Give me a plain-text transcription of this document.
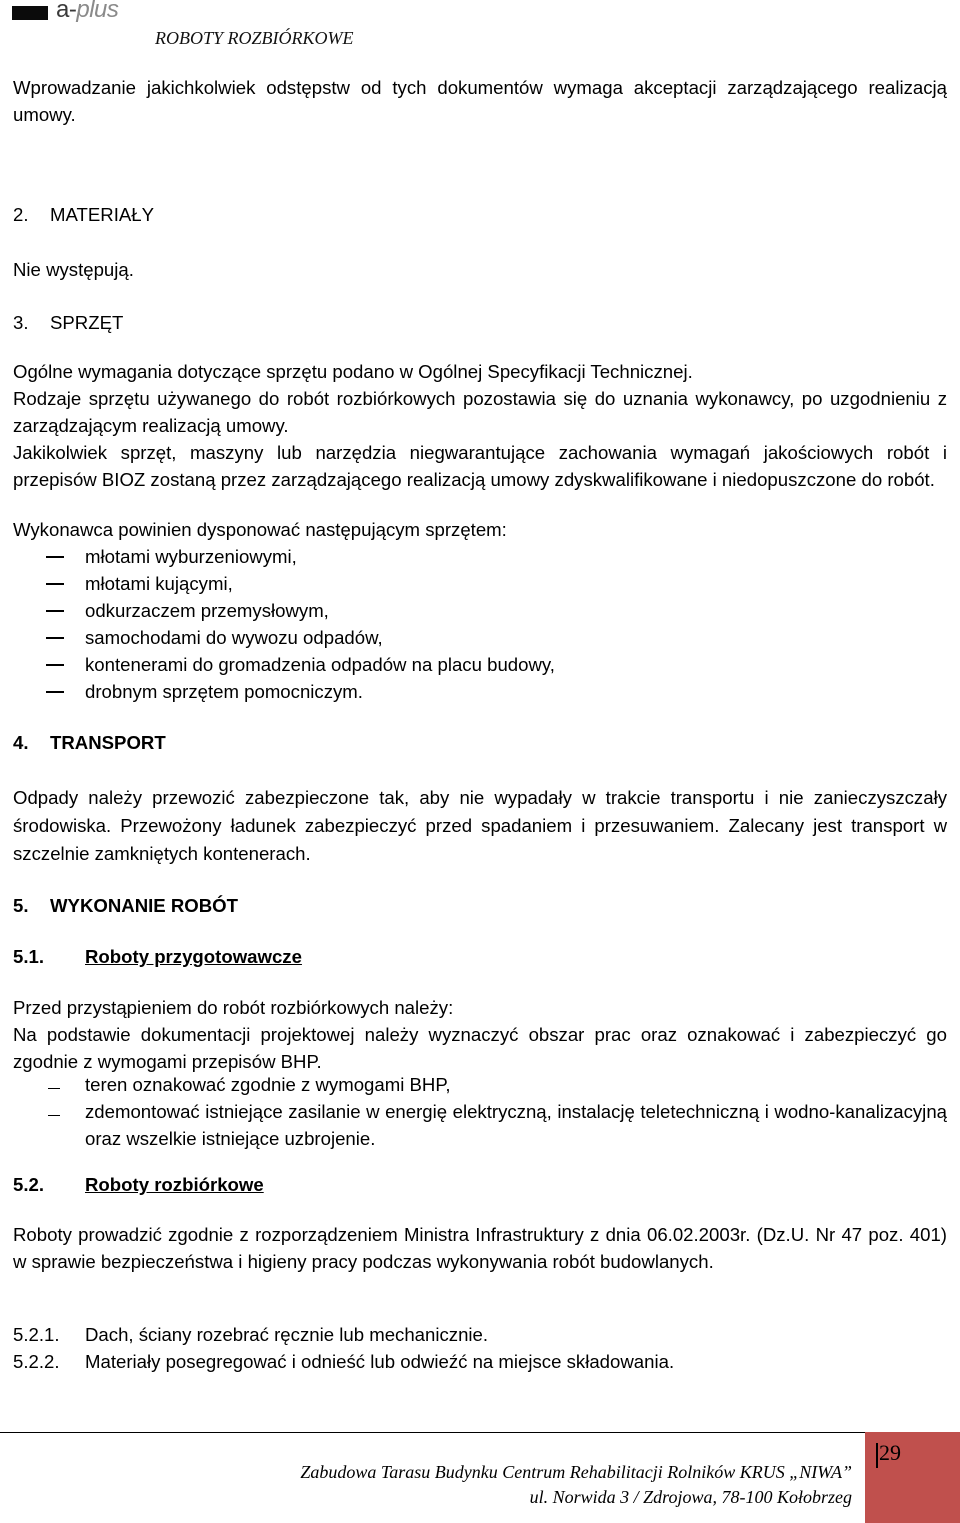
a-plus
ROBOTY ROZBIÓRKOWE

Wprowadzanie jakichkolwiek odstępstw od tych dokumentów wymaga akceptacji zarządzającego realizacją umowy.

2. MATERIAŁY

Nie występują.

3. SPRZĘT

Ogólne wymagania dotyczące sprzętu podano w Ogólnej Specyfikacji Technicznej.

Rodzaje sprzętu używanego do robót rozbiórkowych pozostawia się do uznania wykonawcy, po uzgodnieniu z zarządzającym realizacją umowy.

Jakikolwiek sprzęt, maszyny lub narzędzia niegwarantujące zachowania wymagań jakościowych robót i przepisów BIOZ zostaną przez zarządzającego realizacją umowy zdyskwalifikowane i niedopuszczone do robót.

Wykonawca powinien dysponować następującym sprzętem:

młotami wyburzeniowymi,
młotami kującymi,
odkurzaczem przemysłowym,
samochodami do wywozu odpadów,
kontenerami do gromadzenia odpadów na placu budowy,
drobnym sprzętem pomocniczym.
4. TRANSPORT

Odpady należy przewozić zabezpieczone tak, aby nie wypadały w trakcie transportu i nie zanieczyszczały środowiska. Przewożony ładunek zabezpieczyć przed spadaniem i przesuwaniem. Zalecany jest transport w szczelnie zamkniętych kontenerach.

5. WYKONANIE ROBÓT
5.1. Roboty przygotowawcze

Przed przystąpieniem do robót rozbiórkowych należy:

Na podstawie dokumentacji projektowej należy wyznaczyć obszar prac oraz oznakować i zabezpieczyć go zgodnie z wymogami przepisów BHP.

teren oznakować zgodnie z wymogami BHP,
zdemontować istniejące zasilanie w energię elektryczną, instalację teletechniczną i wodno-kanalizacyjną oraz wszelkie istniejące uzbrojenie.
5.2. Roboty rozbiórkowe

Roboty prowadzić zgodnie z rozporządzeniem Ministra Infrastruktury z dnia 06.02.2003r. (Dz.U. Nr 47 poz. 401) w sprawie bezpieczeństwa i higieny pracy podczas wykonywania robót budowlanych.

5.2.1. Dach, ściany rozebrać ręcznie lub mechanicznie.
5.2.2. Materiały posegregować i odnieść lub odwieźć na miejsce składowania.
29
Zabudowa Tarasu Budynku Centrum Rehabilitacji Rolników KRUS „NIWA”
ul. Norwida 3 / Zdrojowa, 78-100 Kołobrzeg
